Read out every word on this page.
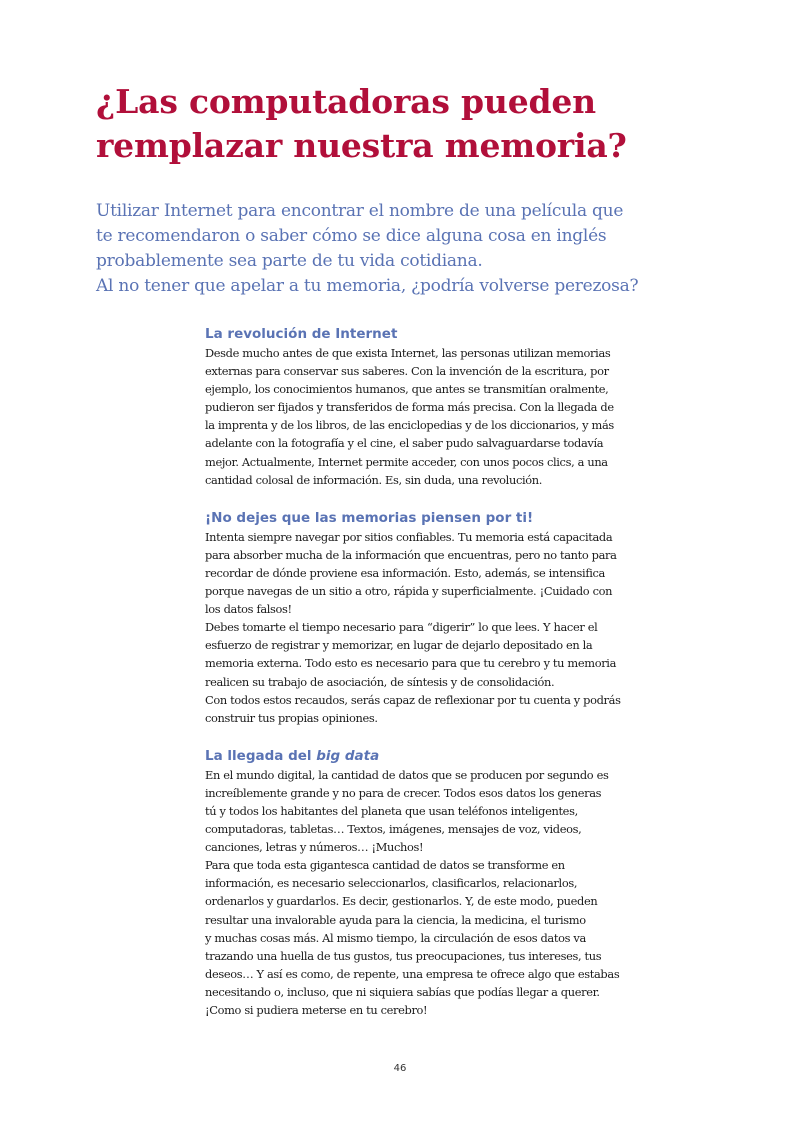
¿Las computadoras pueden
remplazar nuestra memoria?

Utilizar Internet para encontrar el nombre de una película que
te recomendaron o saber cómo se dice alguna cosa en inglés
probablemente sea parte de tu vida cotidiana.
Al no tener que apelar a tu memoria, ¿podría volverse perezosa?

La revolución de Internet

Desde mucho antes de que exista Internet, las personas utilizan memorias
externas para conservar sus saberes. Con la invención de la escritura, por
ejemplo, los conocimientos humanos, que antes se transmitían oralmente,
pudieron ser fijados y transferidos de forma más precisa. Con la llegada de
la imprenta y de los libros, de las enciclopedias y de los diccionarios, y más
adelante con la fotografía y el cine, el saber pudo salvaguardarse todavía
mejor. Actualmente, Internet permite acceder, con unos pocos clics, a una
cantidad colosal de información. Es, sin duda, una revolución.

¡No dejes que las memorias piensen por ti!

Intenta siempre navegar por sitios confiables. Tu memoria está capacitada
para absorber mucha de la información que encuentras, pero no tanto para
recordar de dónde proviene esa información. Esto, además, se intensifica
porque navegas de un sitio a otro, rápida y superficialmente. ¡Cuidado con
los datos falsos!
Debes tomarte el tiempo necesario para “digerir” lo que lees. Y hacer el
esfuerzo de registrar y memorizar, en lugar de dejarlo depositado en la
memoria externa. Todo esto es necesario para que tu cerebro y tu memoria
realicen su trabajo de asociación, de síntesis y de consolidación.
Con todos estos recaudos, serás capaz de reflexionar por tu cuenta y podrás
construir tus propias opiniones.

La llegada del big data

En el mundo digital, la cantidad de datos que se producen por segundo es
increíblemente grande y no para de crecer. Todos esos datos los generas
tú y todos los habitantes del planeta que usan teléfonos inteligentes,
computadoras, tabletas… Textos, imágenes, mensajes de voz, videos,
canciones, letras y números… ¡Muchos!
Para que toda esta gigantesca cantidad de datos se transforme en
información, es necesario seleccionarlos, clasificarlos, relacionarlos,
ordenarlos y guardarlos. Es decir, gestionarlos. Y, de este modo, pueden
resultar una invalorable ayuda para la ciencia, la medicina, el turismo
y muchas cosas más. Al mismo tiempo, la circulación de esos datos va
trazando una huella de tus gustos, tus preocupaciones, tus intereses, tus
deseos… Y así es como, de repente, una empresa te ofrece algo que estabas
necesitando o, incluso, que ni siquiera sabías que podías llegar a querer.
¡Como si pudiera meterse en tu cerebro!

46
